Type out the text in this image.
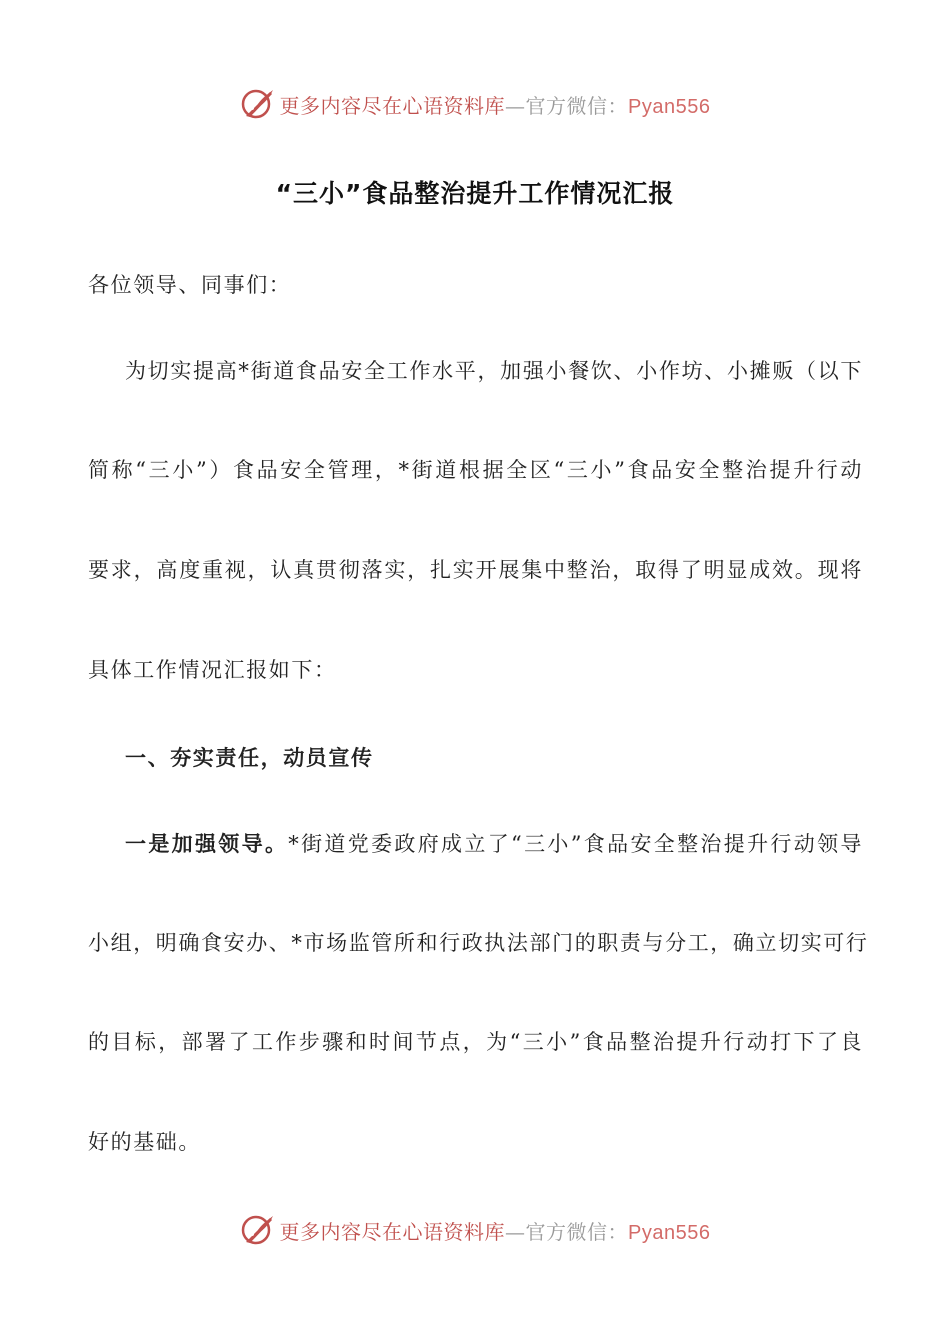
更多内容尽在心语资料库—官方微信：Pyan556
“三小”食品整治提升工作情况汇报
各位领导、同事们：
为切实提高*街道食品安全工作水平，加强小餐饮、小作坊、小摊贩（以下
简称“三小”）食品安全管理，*街道根据全区“三小”食品安全整治提升行动
要求，高度重视，认真贯彻落实，扎实开展集中整治，取得了明显成效。现将
具体工作情况汇报如下：
一、夯实责任，动员宣传
一是加强领导。*街道党委政府成立了“三小”食品安全整治提升行动领导
小组，明确食安办、*市场监管所和行政执法部门的职责与分工，确立切实可行
的目标，部署了工作步骤和时间节点，为“三小”食品整治提升行动打下了良
好的基础。
更多内容尽在心语资料库—官方微信：Pyan556
